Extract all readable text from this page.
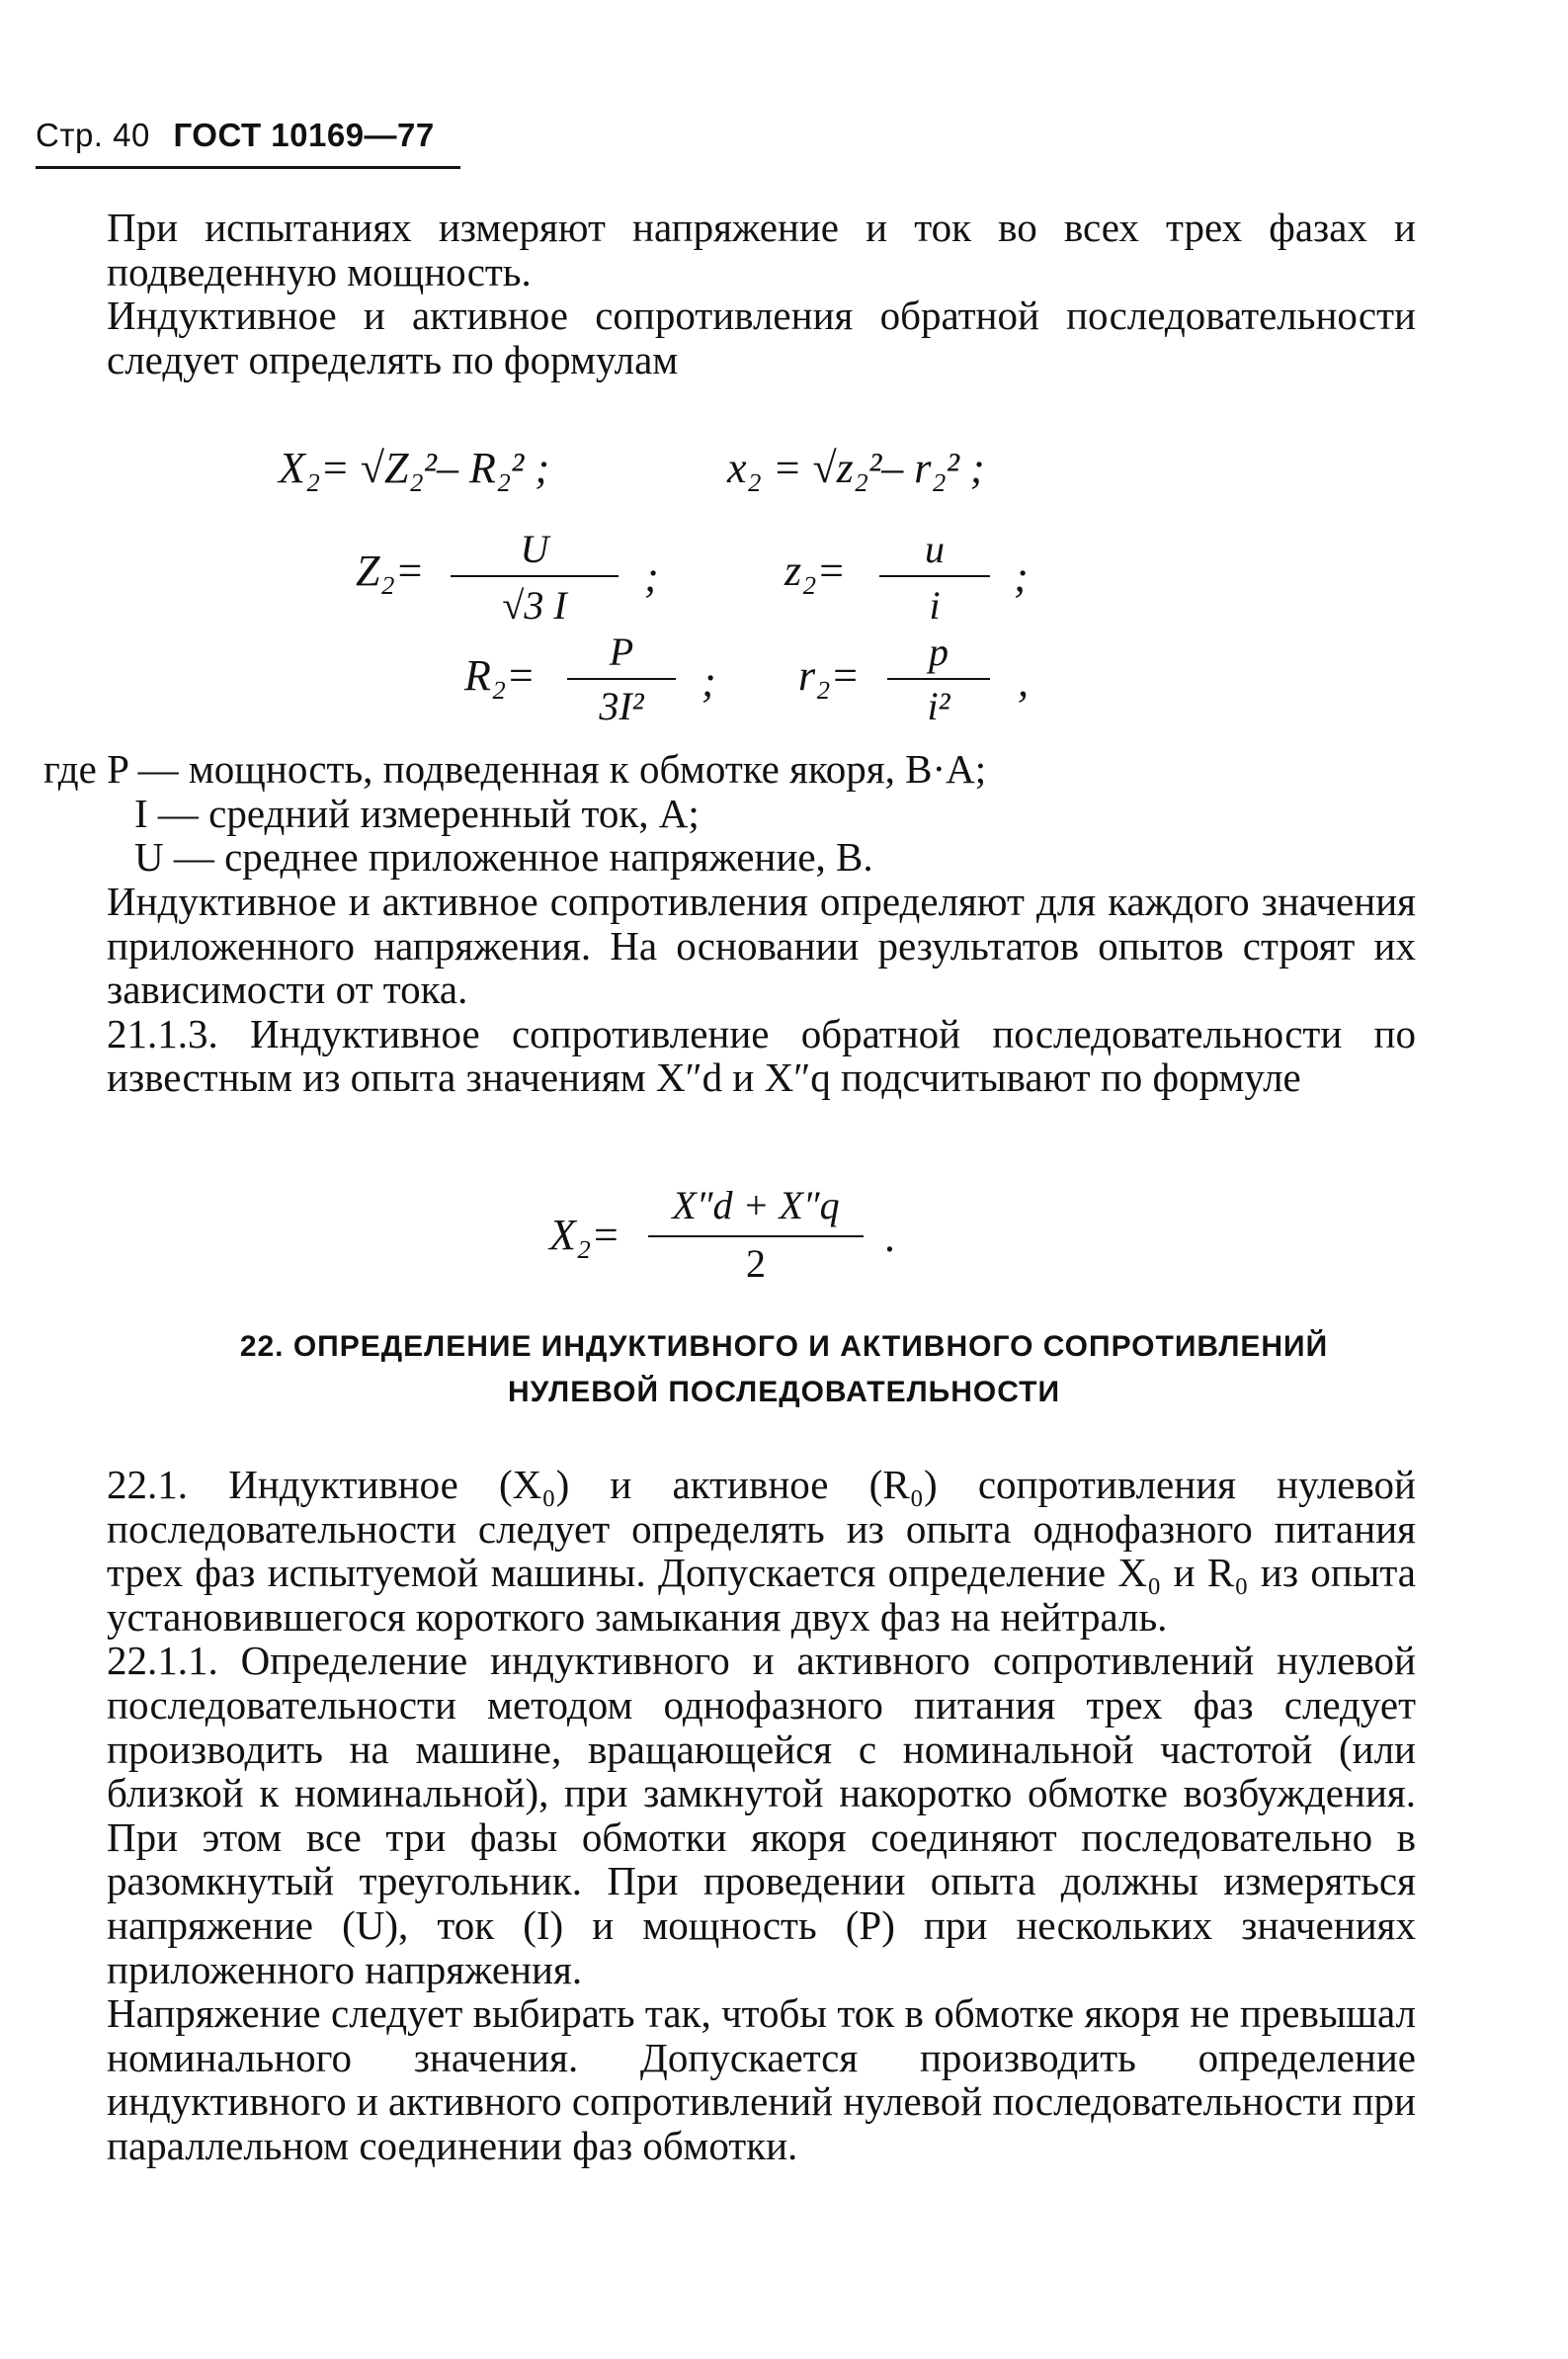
Стр. 40 ГОСТ 10169—77

При испытаниях измеряют напряжение и ток во всех трех фазах и подведенную мощность.

Индуктивное и активное сопротивления обратной последовательности следует определять по формулам

X₂= √Z₂²– R₂² ;	x₂ = √z₂²– r₂² ;
Z₂=	U
√3 I
;	z₂=	u
i
;
R₂=	P
3I²
; r₂=	p
i²
,
где P — мощность, подведенная к обмотке якоря, В·А;
I — средний измеренный ток, А;
U — среднее приложенное напряжение, В.

Индуктивное и активное сопротивления определяют для каждого значения приложенного напряжения. На основании результатов опытов строят их зависимости от тока.

21.1.3. Индуктивное сопротивление обратной последовательности по известным из опыта значениям X″d и X″q подсчитывают по формуле

X₂=
X″d + X″q
2
.
22. ОПРЕДЕЛЕНИЕ ИНДУКТИВНОГО И АКТИВНОГО СОПРОТИВЛЕНИЙ
НУЛЕВОЙ ПОСЛЕДОВАТЕЛЬНОСТИ

22.1. Индуктивное (X₀) и активное (R₀) сопротивления нулевой последовательности следует определять из опыта однофазного питания трех фаз испытуемой машины. Допускается определение X₀ и R₀ из опыта установившегося короткого замыкания двух фаз на нейтраль.

22.1.1. Определение индуктивного и активного сопротивлений нулевой последовательности методом однофазного питания трех фаз следует производить на машине, вращающейся с номинальной частотой (или близкой к номинальной), при замкнутой накоротко обмотке возбуждения. При этом все три фазы обмотки якоря соединяют последовательно в разомкнутый треугольник. При проведении опыта должны измеряться напряжение (U), ток (I) и мощность (P) при нескольких значениях приложенного напряжения.

Напряжение следует выбирать так, чтобы ток в обмотке якоря не превышал номинального значения. Допускается производить определение индуктивного и активного сопротивлений нулевой последовательности при параллельном соединении фаз обмотки.
